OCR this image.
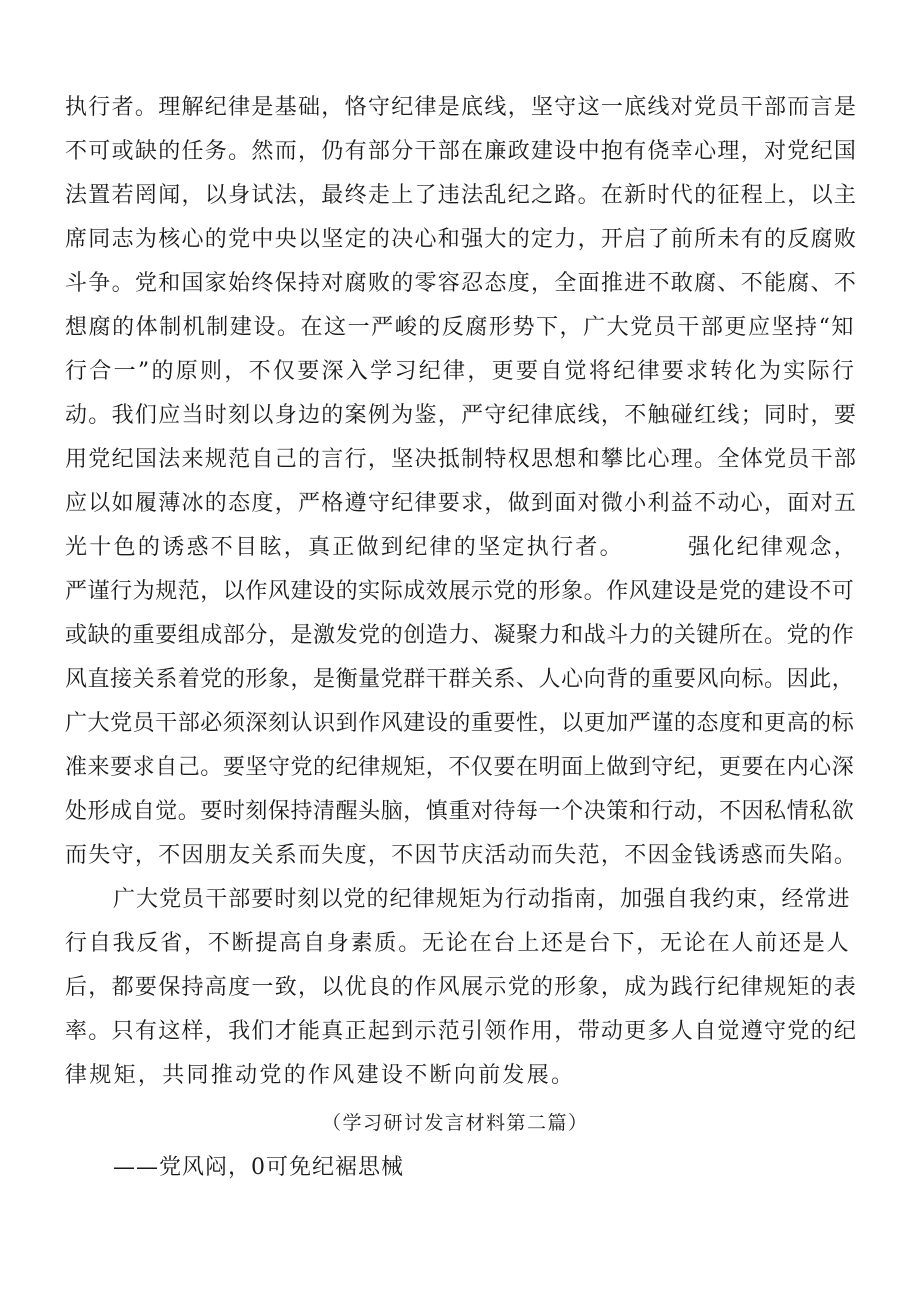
执行者。理解纪律是基础，恪守纪律是底线，坚守这一底线对党员干部而言是
不可或缺的任务。然而，仍有部分干部在廉政建设中抱有侥幸心理，对党纪国
法置若罔闻，以身试法，最终走上了违法乱纪之路。在新时代的征程上，以主
席同志为核心的党中央以坚定的决心和强大的定力，开启了前所未有的反腐败
斗争。党和国家始终保持对腐败的零容忍态度，全面推进不敢腐、不能腐、不
想腐的体制机制建设。在这一严峻的反腐形势下，广大党员干部更应坚持“知
行合一”的原则，不仅要深入学习纪律，更要自觉将纪律要求转化为实际行
动。我们应当时刻以身边的案例为鉴，严守纪律底线，不触碰红线；同时，要
用党纪国法来规范自己的言行，坚决抵制特权思想和攀比心理。全体党员干部
应以如履薄冰的态度，严格遵守纪律要求，做到面对微小利益不动心，面对五
光十色的诱惑不目眩，真正做到纪律的坚定执行者。	强化纪律观念，
严谨行为规范，以作风建设的实际成效展示党的形象。作风建设是党的建设不可
或缺的重要组成部分，是激发党的创造力、凝聚力和战斗力的关键所在。党的作
风直接关系着党的形象，是衡量党群干群关系、人心向背的重要风向标。因此，
广大党员干部必须深刻认识到作风建设的重要性，以更加严谨的态度和更高的标
准来要求自己。要坚守党的纪律规矩，不仅要在明面上做到守纪，更要在内心深
处形成自觉。要时刻保持清醒头脑，慎重对待每一个决策和行动，不因私情私欲
而失守，不因朋友关系而失度，不因节庆活动而失范，不因金钱诱惑而失陷。
广大党员干部要时刻以党的纪律规矩为行动指南，加强自我约束，经常进
行自我反省，不断提高自身素质。无论在台上还是台下，无论在人前还是人
后，都要保持高度一致，以优良的作风展示党的形象，成为践行纪律规矩的表
率。只有这样，我们才能真正起到示范引领作用，带动更多人自觉遵守党的纪
律规矩，共同推动党的作风建设不断向前发展。
（学习研讨发言材料第二篇）
——党风闷，0可免纪裾思械
